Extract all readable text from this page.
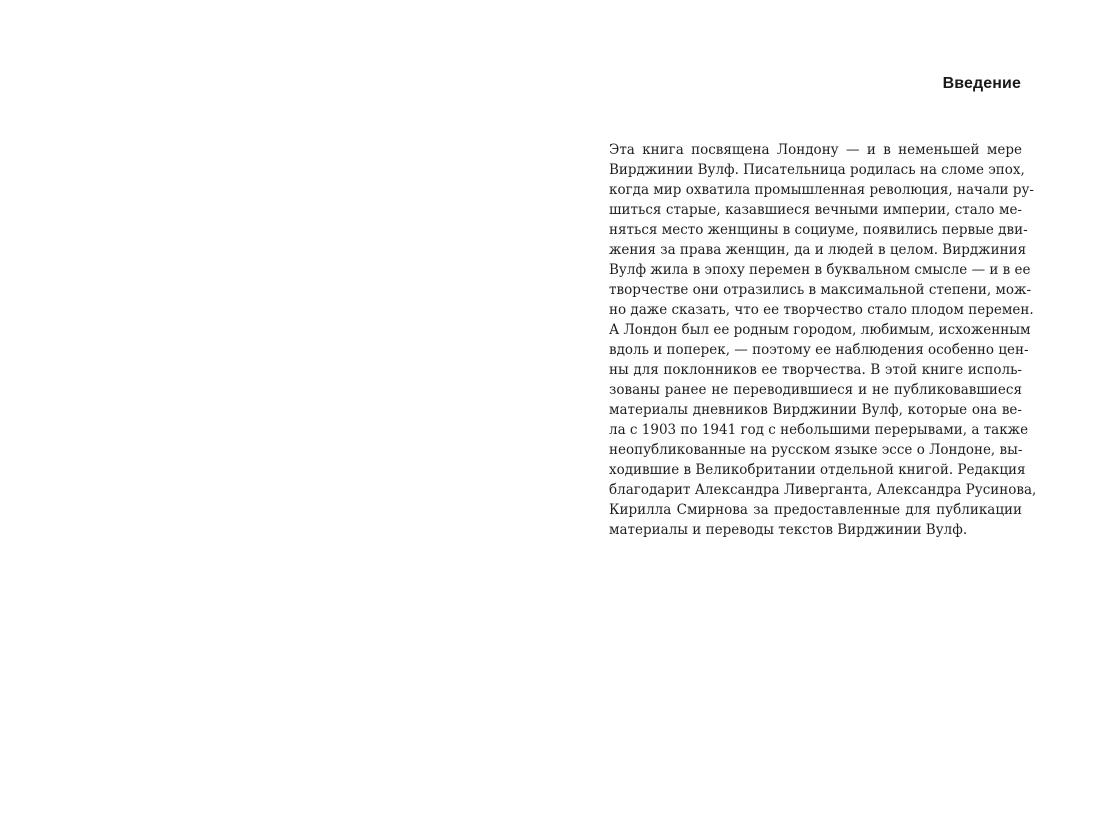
Введение
Эта книга посвящена Лондону — и в неменьшей мере
Вирджинии Вулф. Писательница родилась на сломе эпох,
когда мир охватила промышленная революция, начали ру-
шиться старые, казавшиеся вечными империи, стало ме-
няться место женщины в социуме, появились первые дви-
жения за права женщин, да и людей в целом. Вирджиния
Вулф жила в эпоху перемен в буквальном смысле — и в ее
творчестве они отразились в максимальной степени, мож-
но даже сказать, что ее творчество стало плодом перемен.
А Лондон был ее родным городом, любимым, исхоженным
вдоль и поперек, — поэтому ее наблюдения особенно цен-
ны для поклонников ее творчества. В этой книге исполь-
зованы ранее не переводившиеся и не публиковавшиеся
материалы дневников Вирджинии Вулф, которые она ве-
ла с 1903 по 1941 год с небольшими перерывами, а также
неопубликованные на русском языке эссе о Лондоне, вы-
ходившие в Великобритании отдельной книгой. Редакция
благодарит Александра Ливерганта, Александра Русинова,
Кирилла Смирнова за предоставленные для публикации
материалы и переводы текстов Вирджинии Вулф.
